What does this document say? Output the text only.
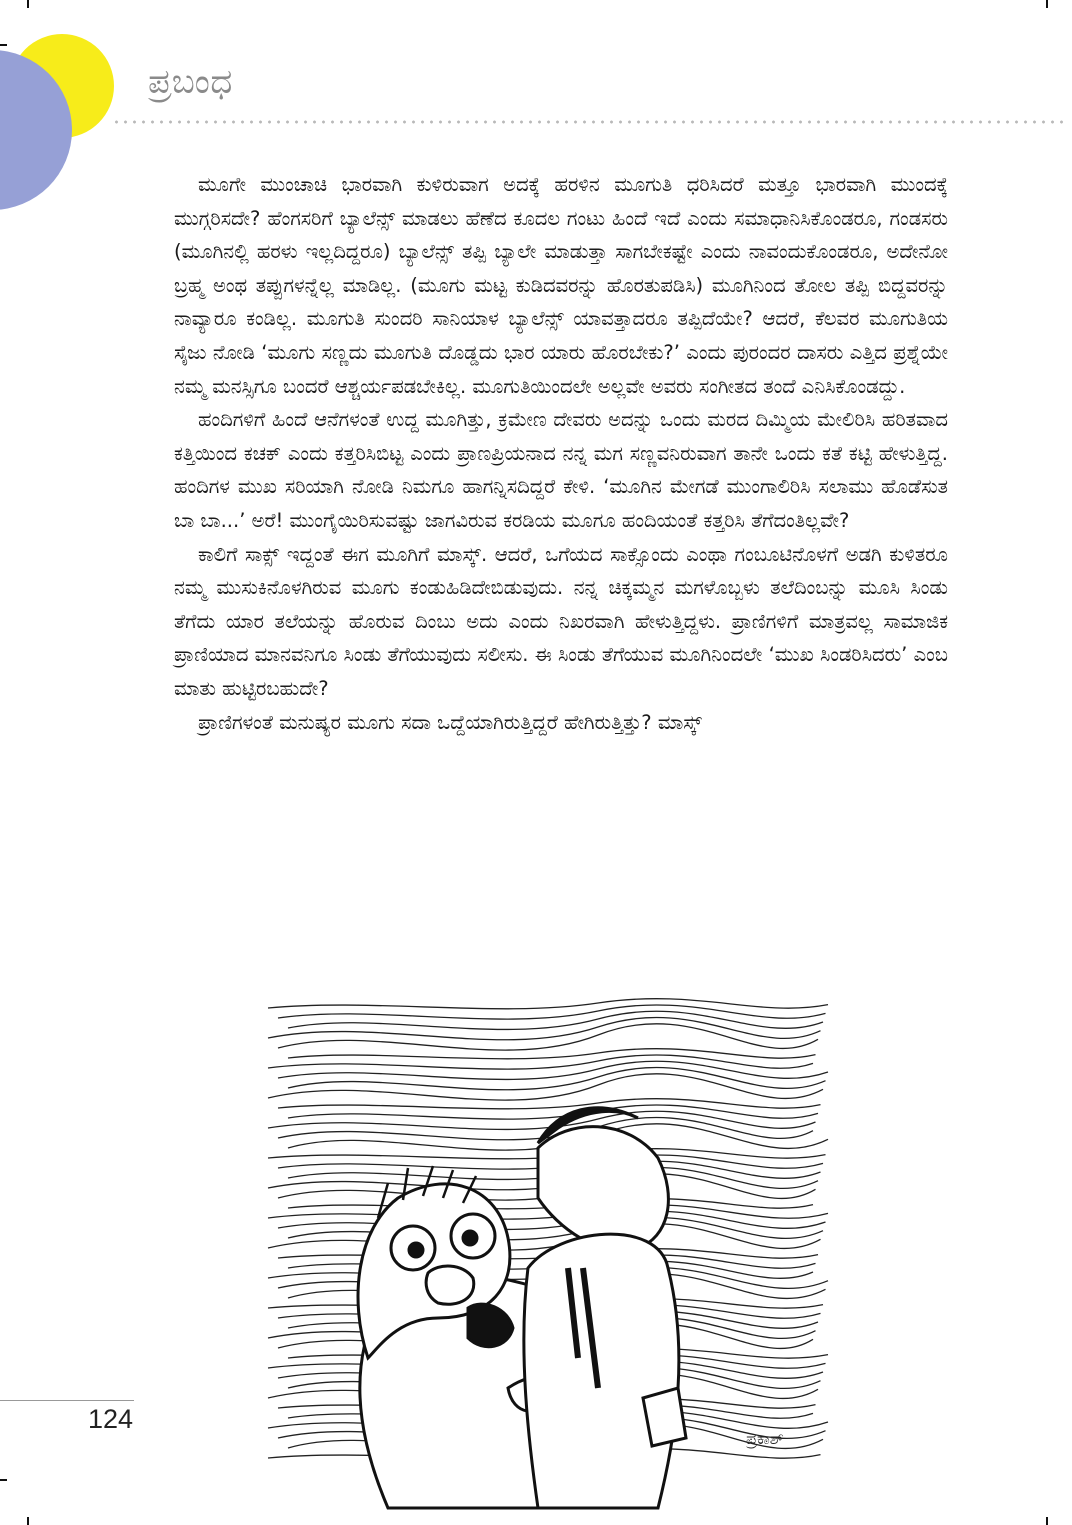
ಪ್ರಬಂಧ

ಮೂಗೇ ಮುಂಚಾಚಿ ಭಾರವಾಗಿ ಕುಳಿರುವಾಗ ಅದಕ್ಕೆ ಹರಳಿನ ಮೂಗುತಿ ಧರಿಸಿದರೆ ಮತ್ತೂ ಭಾರವಾಗಿ ಮುಂದಕ್ಕೆ ಮುಗ್ಗರಿಸದೇ? ಹೆಂಗಸರಿಗೆ ಬ್ಯಾಲೆನ್ಸ್ ಮಾಡಲು ಹೆಣೆದ ಕೂದಲ ಗಂಟು ಹಿಂದೆ ಇದೆ ಎಂದು ಸಮಾಧಾನಿಸಿಕೊಂಡರೂ, ಗಂಡಸರು (ಮೂಗಿನಲ್ಲಿ ಹರಳು ಇಲ್ಲದಿದ್ದರೂ) ಬ್ಯಾಲೆನ್ಸ್ ತಪ್ಪಿ ಬ್ಯಾಲೇ ಮಾಡುತ್ತಾ ಸಾಗಬೇಕಷ್ಟೇ ಎಂದು ನಾವಂದುಕೊಂಡರೂ, ಅದೇನೋ ಬ್ರಹ್ಮ ಅಂಥ ತಪ್ಪುಗಳನ್ನೆಲ್ಲ ಮಾಡಿಲ್ಲ. (ಮೂಗು ಮಟ್ಟ ಕುಡಿದವರನ್ನು ಹೊರತುಪಡಿಸಿ) ಮೂಗಿನಿಂದ ತೋಲ ತಪ್ಪಿ ಬಿದ್ದವರನ್ನು ನಾವ್ಯಾರೂ ಕಂಡಿಲ್ಲ. ಮೂಗುತಿ ಸುಂದರಿ ಸಾನಿಯಾಳ ಬ್ಯಾಲೆನ್ಸ್ ಯಾವತ್ತಾದರೂ ತಪ್ಪಿದೆಯೇ? ಆದರೆ, ಕೆಲವರ ಮೂಗುತಿಯ ಸೈಜು ನೋಡಿ ‘ಮೂಗು ಸಣ್ಣದು ಮೂಗುತಿ ದೊಡ್ಡದು ಭಾರ ಯಾರು ಹೊರಬೇಕು?’ ಎಂದು ಪುರಂದರ ದಾಸರು ಎತ್ತಿದ ಪ್ರಶ್ನೆಯೇ ನಮ್ಮ ಮನಸ್ಸಿಗೂ ಬಂದರೆ ಆಶ್ಚರ್ಯಪಡಬೇಕಿಲ್ಲ. ಮೂಗುತಿಯಿಂದಲೇ ಅಲ್ಲವೇ ಅವರು ಸಂಗೀತದ ತಂದೆ ಎನಿಸಿಕೊಂಡದ್ದು.

ಹಂದಿಗಳಿಗೆ ಹಿಂದೆ ಆನೆಗಳಂತೆ ಉದ್ದ ಮೂಗಿತ್ತು, ಕ್ರಮೇಣ ದೇವರು ಅದನ್ನು ಒಂದು ಮರದ ದಿಮ್ಮಿಯ ಮೇಲಿರಿಸಿ ಹರಿತವಾದ ಕತ್ತಿಯಿಂದ ಕಚಕ್ ಎಂದು ಕತ್ತರಿಸಿಬಿಟ್ಟ ಎಂದು ಪ್ರಾಣಪ್ರಿಯನಾದ ನನ್ನ ಮಗ ಸಣ್ಣವನಿರುವಾಗ ತಾನೇ ಒಂದು ಕತೆ ಕಟ್ಟಿ ಹೇಳುತ್ತಿದ್ದ. ಹಂದಿಗಳ ಮುಖ ಸರಿಯಾಗಿ ನೋಡಿ ನಿಮಗೂ ಹಾಗನ್ನಿಸದಿದ್ದರೆ ಕೇಳಿ. ‘ಮೂಗಿನ ಮೇಗಡೆ ಮುಂಗಾಲಿರಿಸಿ ಸಲಾಮು ಹೊಡೆಸುತ ಬಾ ಬಾ...’ ಅರೆ! ಮುಂಗೈಯಿರಿಸುವಷ್ಟು ಜಾಗವಿರುವ ಕರಡಿಯ ಮೂಗೂ ಹಂದಿಯಂತೆ ಕತ್ತರಿಸಿ ತೆಗೆದಂತಿಲ್ಲವೇ?

ಕಾಲಿಗೆ ಸಾಕ್ಸ್ ಇದ್ದಂತೆ ಈಗ ಮೂಗಿಗೆ ಮಾಸ್ಕ್. ಆದರೆ, ಒಗೆಯದ ಸಾಕ್ಸೊಂದು ಎಂಥಾ ಗಂಬೂಟಿನೊಳಗೆ ಅಡಗಿ ಕುಳಿತರೂ ನಮ್ಮ ಮುಸುಕಿನೊಳಗಿರುವ ಮೂಗು ಕಂಡುಹಿಡಿದೇಬಿಡುವುದು. ನನ್ನ ಚಿಕ್ಕಮ್ಮನ ಮಗಳೊಬ್ಬಳು ತಲೆದಿಂಬನ್ನು ಮೂಸಿ ಸಿಂಡು ತೆಗೆದು ಯಾರ ತಲೆಯನ್ನು ಹೊರುವ ದಿಂಬು ಅದು ಎಂದು ನಿಖರವಾಗಿ ಹೇಳುತ್ತಿದ್ದಳು. ಪ್ರಾಣಿಗಳಿಗೆ ಮಾತ್ರವಲ್ಲ ಸಾಮಾಜಿಕ ಪ್ರಾಣಿಯಾದ ಮಾನವನಿಗೂ ಸಿಂಡು ತೆಗೆಯುವುದು ಸಲೀಸು. ಈ ಸಿಂಡು ತೆಗೆಯುವ ಮೂಗಿನಿಂದಲೇ ‘ಮುಖ ಸಿಂಡರಿಸಿದರು’ ಎಂಬ ಮಾತು ಹುಟ್ಟಿರಬಹುದೇ?

ಪ್ರಾಣಿಗಳಂತೆ ಮನುಷ್ಯರ ಮೂಗು ಸದಾ ಒದ್ದೆಯಾಗಿರುತ್ತಿದ್ದರೆ ಹೇಗಿರುತ್ತಿತ್ತು? ಮಾಸ್ಕ್

ಪ್ರಕಾಶ್

124
